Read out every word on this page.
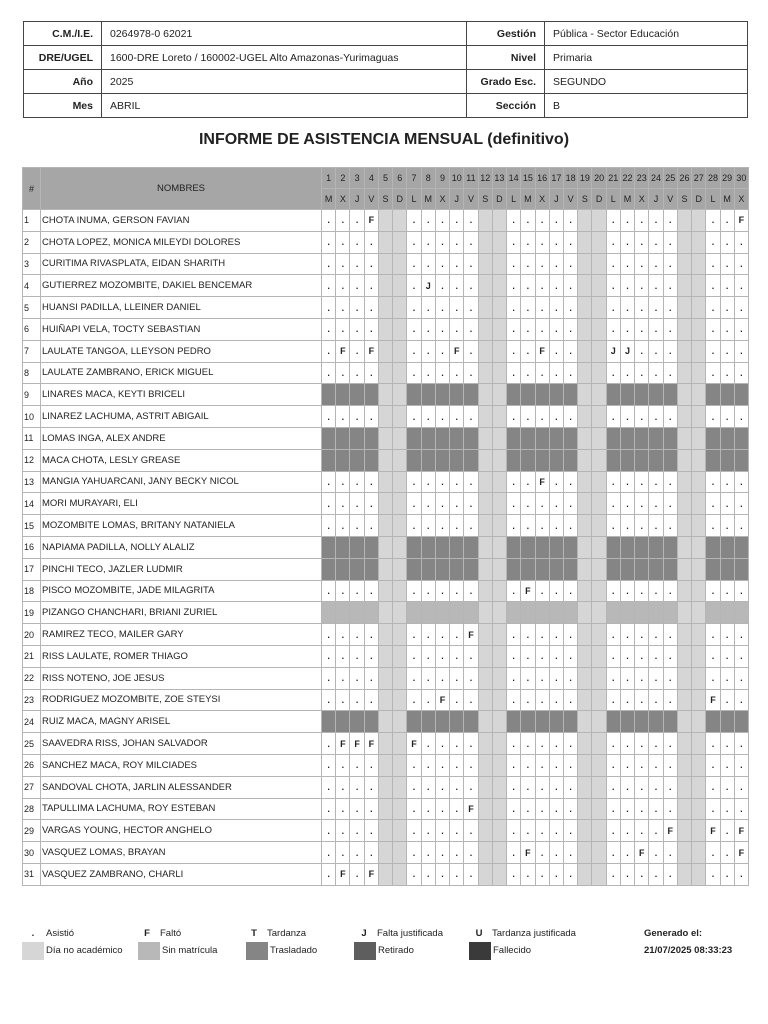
C.M./I.E.	0264978-0 62021	Gestión	Pública - Sector Educación
DRE/UGEL	1600-DRE Loreto / 160002-UGEL Alto Amazonas-Yurimaguas	Nivel	Primaria
Año	2025	Grado Esc.	SEGUNDO
Mes	ABRIL	Sección	B
INFORME DE ASISTENCIA MENSUAL (definitivo)
#	NOMBRES	1	2	3	4	5	6	7	8	9	10	11	12	13	14	15	16	17	18	19	20	21	22	23	24	25	26	27	28	29	30
		M	X	J	V	S	D	L	M	X	J	V	S	D	L	M	X	J	V	S	D	L	M	X	J	V	S	D	L	M	X
1	CHOTA INUMA, GERSON FAVIAN	.	.	.	F			.	.	.	.	.			.	.	.	.	.			.	.	.	.	.			.	.	F
2	CHOTA LOPEZ, MONICA MILEYDI DOLORES	.	.	.	.			.	.	.	.	.			.	.	.	.	.			.	.	.	.	.			.	.	.
3	CURITIMA RIVASPLATA, EIDAN SHARITH	.	.	.	.			.	.	.	.	.			.	.	.	.	.			.	.	.	.	.			.	.	.
4	GUTIERREZ MOZOMBITE, DAKIEL BENCEMAR	.	.	.	.			.	J	.	.	.			.	.	.	.	.			.	.	.	.	.			.	.	.
5	HUANSI PADILLA, LLEINER DANIEL	.	.	.	.			.	.	.	.	.			.	.	.	.	.			.	.	.	.	.			.	.	.
6	HUIÑAPI VELA, TOCTY SEBASTIAN	.	.	.	.			.	.	.	.	.			.	.	.	.	.			.	.	.	.	.			.	.	.
7	LAULATE TANGOA, LLEYSON PEDRO	.	F	.	F			.	.	.	F	.			.	.	F	.	.			J	J	.	.	.			.	.	.
8	LAULATE ZAMBRANO, ERICK MIGUEL	.	.	.	.			.	.	.	.	.			.	.	.	.	.			.	.	.	.	.			.	.	.
9	LINARES MACA, KEYTI BRICELI																														
10	LINAREZ LACHUMA, ASTRIT ABIGAIL	.	.	.	.			.	.	.	.	.			.	.	.	.	.			.	.	.	.	.			.	.	.
11	LOMAS INGA, ALEX ANDRE																														
12	MACA CHOTA, LESLY GREASE																														
13	MANGIA YAHUARCANI, JANY BECKY NICOL	.	.	.	.			.	.	.	.	.			.	.	F	.	.			.	.	.	.	.			.	.	.
14	MORI MURAYARI, ELI	.	.	.	.			.	.	.	.	.			.	.	.	.	.			.	.	.	.	.			.	.	.
15	MOZOMBITE LOMAS, BRITANY NATANIELA	.	.	.	.			.	.	.	.	.			.	.	.	.	.			.	.	.	.	.			.	.	.
16	NAPIAMA PADILLA, NOLLY ALALIZ																														
17	PINCHI TECO, JAZLER LUDMIR																														
18	PISCO MOZOMBITE, JADE MILAGRITA	.	.	.	.			.	.	.	.	.			.	F	.	.	.			.	.	.	.	.			.	.	.
19	PIZANGO CHANCHARI, BRIANI ZURIEL																														
20	RAMIREZ TECO, MAILER GARY	.	.	.	.			.	.	.	.	F			.	.	.	.	.			.	.	.	.	.			.	.	.
21	RISS LAULATE, ROMER THIAGO	.	.	.	.			.	.	.	.	.			.	.	.	.	.			.	.	.	.	.			.	.	.
22	RISS NOTENO, JOE JESUS	.	.	.	.			.	.	.	.	.			.	.	.	.	.			.	.	.	.	.			.	.	.
23	RODRIGUEZ MOZOMBITE, ZOE STEYSI	.	.	.	.			.	.	F	.	.			.	.	.	.	.			.	.	.	.	.			F	.	.
24	RUIZ MACA, MAGNY ARISEL																														
25	SAAVEDRA RISS, JOHAN SALVADOR	.	F	F	F			F	.	.	.	.			.	.	.	.	.			.	.	.	.	.			.	.	.
26	SANCHEZ MACA, ROY MILCIADES	.	.	.	.			.	.	.	.	.			.	.	.	.	.			.	.	.	.	.			.	.	.
27	SANDOVAL CHOTA, JARLIN ALESSANDER	.	.	.	.			.	.	.	.	.			.	.	.	.	.			.	.	.	.	.			.	.	.
28	TAPULLIMA LACHUMA, ROY ESTEBAN	.	.	.	.			.	.	.	.	F			.	.	.	.	.			.	.	.	.	.			.	.	.
29	VARGAS YOUNG, HECTOR ANGHELO	.	.	.	.			.	.	.	.	.			.	.	.	.	.			.	.	.	.	F			F	.	F
30	VASQUEZ LOMAS, BRAYAN	.	.	.	.			.	.	.	.	.			.	F	.	.	.			.	.	F	.	.			.	.	F
31	VASQUEZ ZAMBRANO, CHARLI	.	F	.	F			.	.	.	.	.			.	.	.	.	.			.	.	.	.	.			.	.	.
.	Asistió	F	Faltó	T	Tardanza	J	Falta justificada	U	Tardanza justificada
Día no académico	Sin matrícula	Trasladado	Retirado	Fallecido
Generado el:
21/07/2025 08:33:23
